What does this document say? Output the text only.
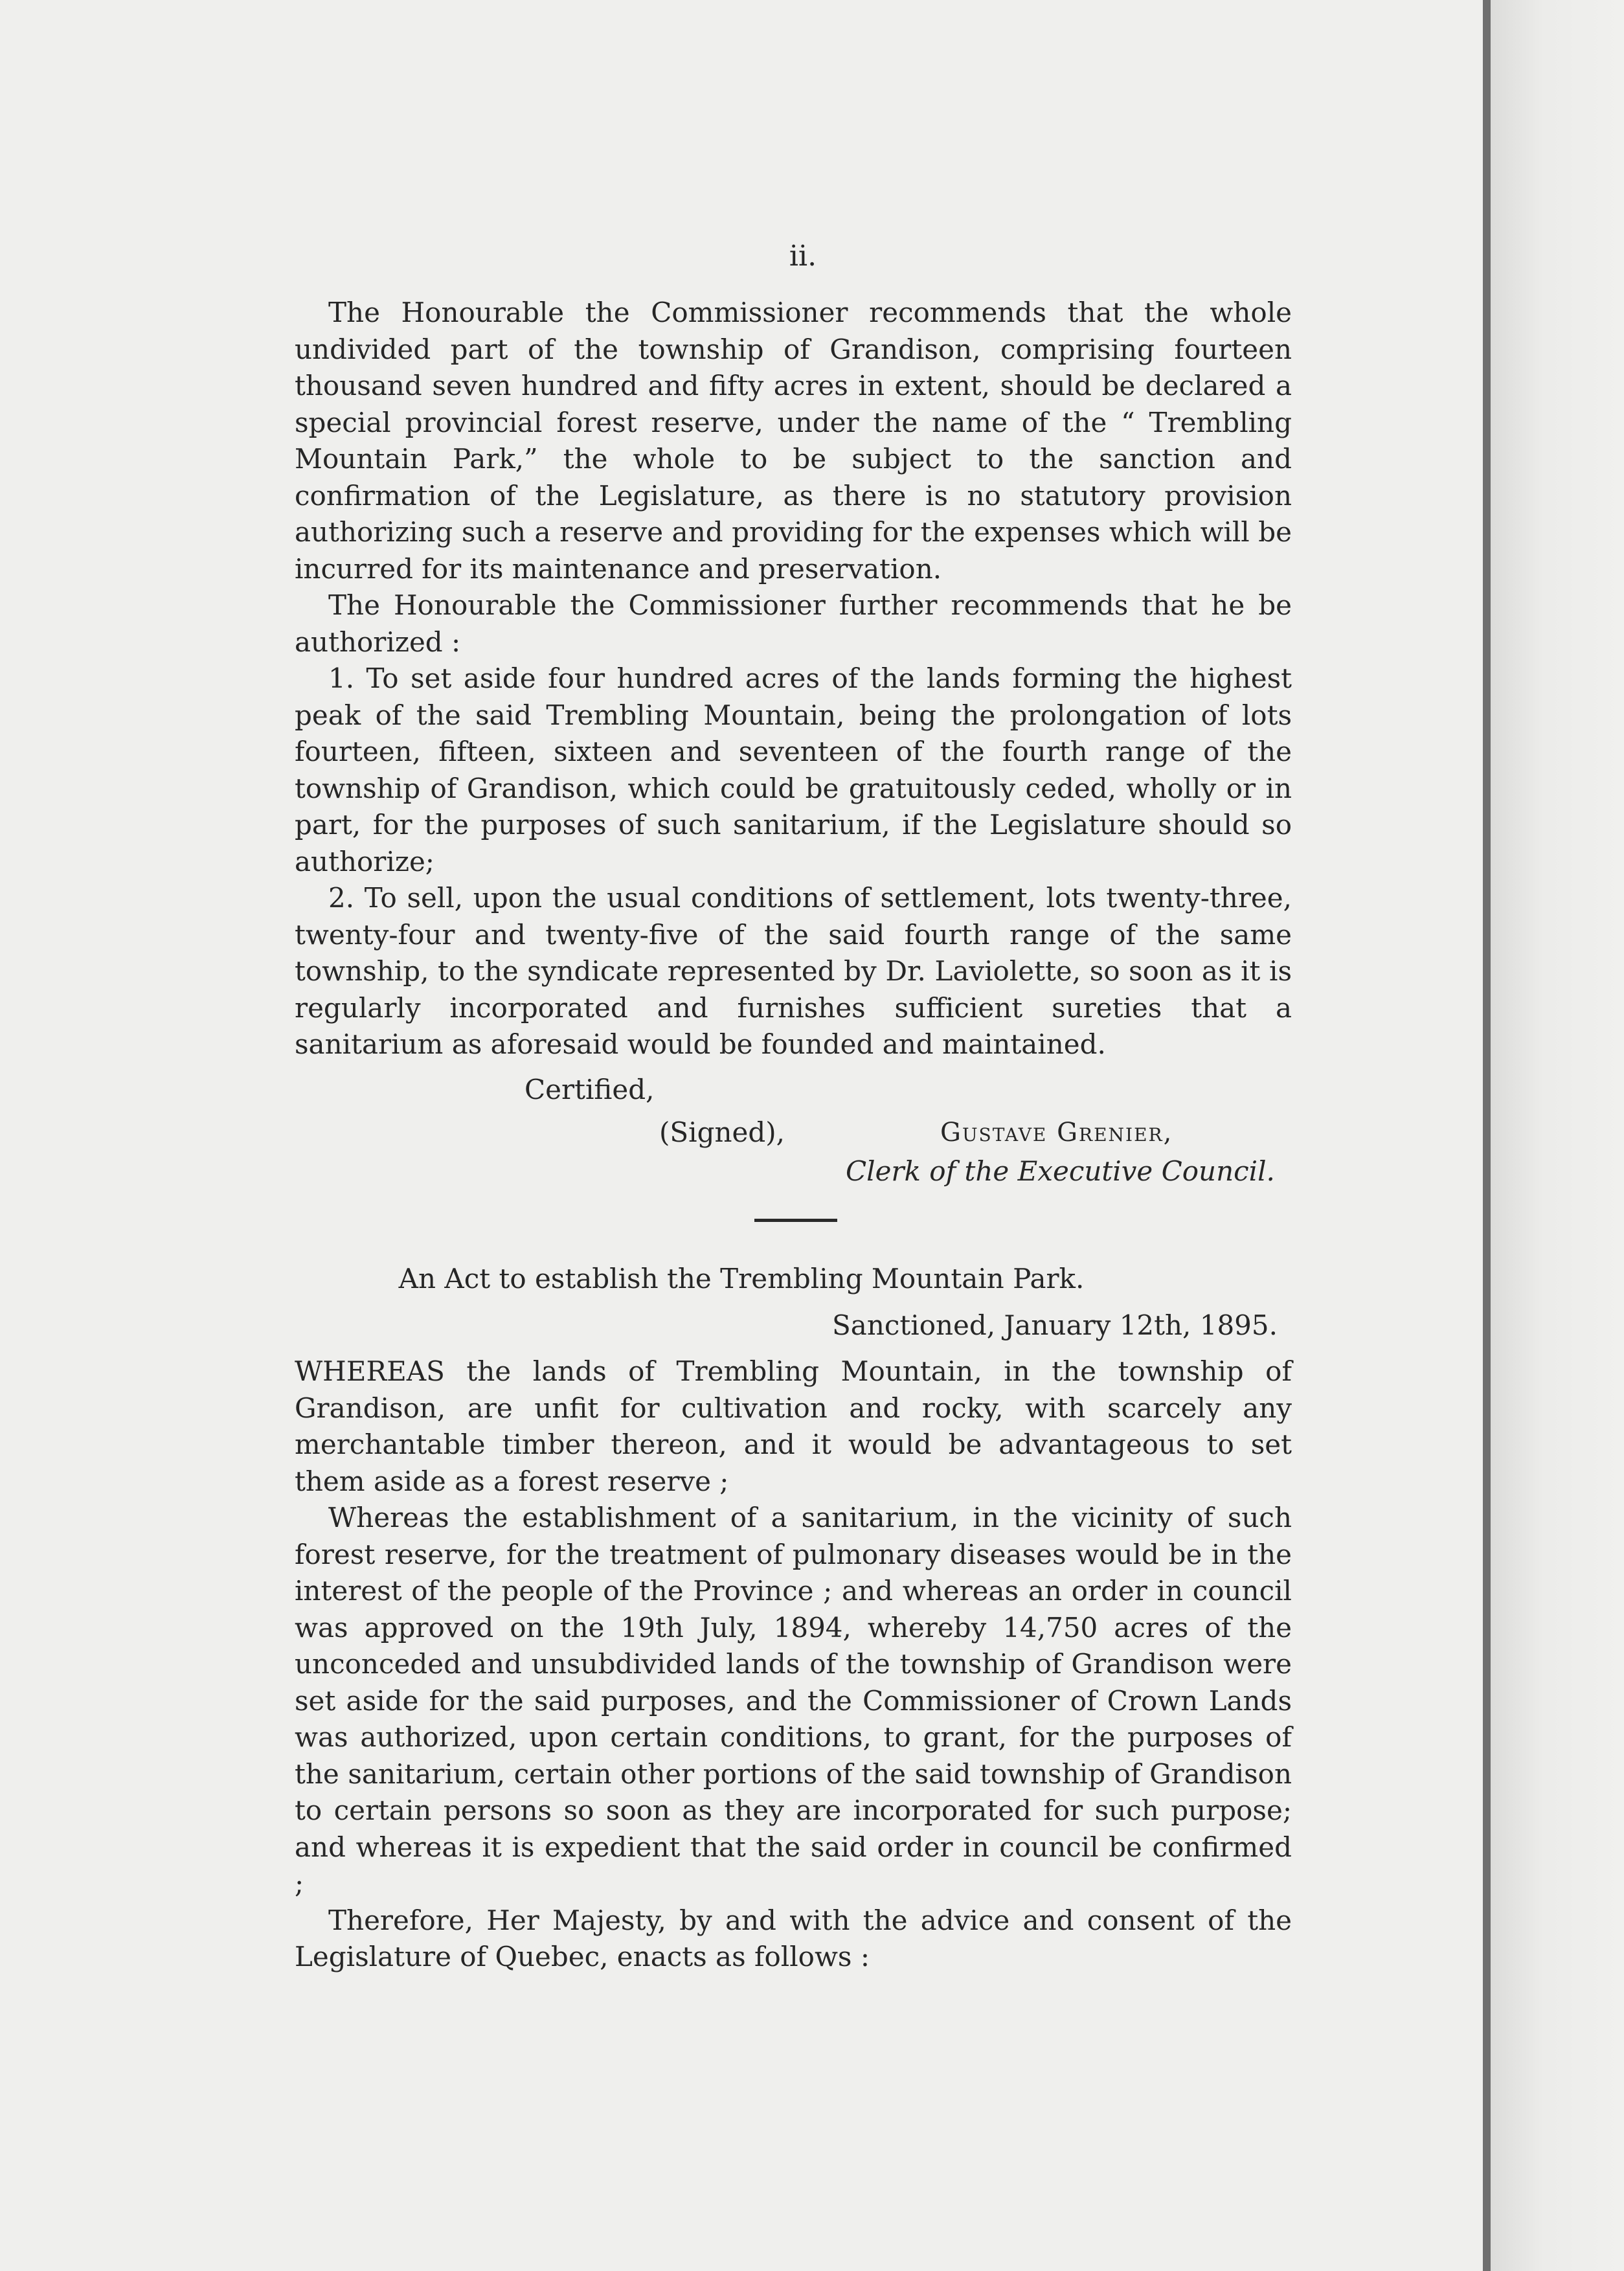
ii.

The Honourable the Commissioner recommends that the whole undivided part of the township of Grandison, comprising fourteen thousand seven hundred and fifty acres in extent, should be declared a special provincial forest reserve, under the name of the “ Trembling Mountain Park,” the whole to be subject to the sanction and confirmation of the Legislature, as there is no statutory provision authorizing such a reserve and providing for the expenses which will be incurred for its maintenance and preservation.

The Honourable the Commissioner further recommends that he be authorized :

1. To set aside four hundred acres of the lands forming the highest peak of the said Trembling Mountain, being the prolongation of lots fourteen, fifteen, sixteen and seventeen of the fourth range of the township of Grandison, which could be gratuitously ceded, wholly or in part, for the purposes of such sanitarium, if the Legislature should so authorize;

2. To sell, upon the usual conditions of settlement, lots twenty-three, twenty-four and twenty-five of the said fourth range of the same township, to the syndicate represented by Dr. Laviolette, so soon as it is regularly incorporated and furnishes sufficient sureties that a sanitarium as aforesaid would be founded and maintained.

Certified,
(Signed),	Gustave Grenier,
Clerk of the Executive Council.
An Act to establish the Trembling Mountain Park.
Sanctioned, January 12th, 1895.

WHEREAS the lands of Trembling Mountain, in the township of Grandison, are unfit for cultivation and rocky, with scarcely any merchantable timber thereon, and it would be advantageous to set them aside as a forest reserve ;

Whereas the establishment of a sanitarium, in the vicinity of such forest reserve, for the treatment of pulmonary diseases would be in the interest of the people of the Province ; and whereas an order in council was approved on the 19th July, 1894, whereby 14,750 acres of the unconceded and unsubdivided lands of the township of Grandison were set aside for the said purposes, and the Commissioner of Crown Lands was authorized, upon certain conditions, to grant, for the purposes of the sanitarium, certain other portions of the said township of Grandison to certain persons so soon as they are incorporated for such purpose; and whereas it is expedient that the said order in council be confirmed ;

Therefore, Her Majesty, by and with the advice and consent of the Legislature of Quebec, enacts as follows :
